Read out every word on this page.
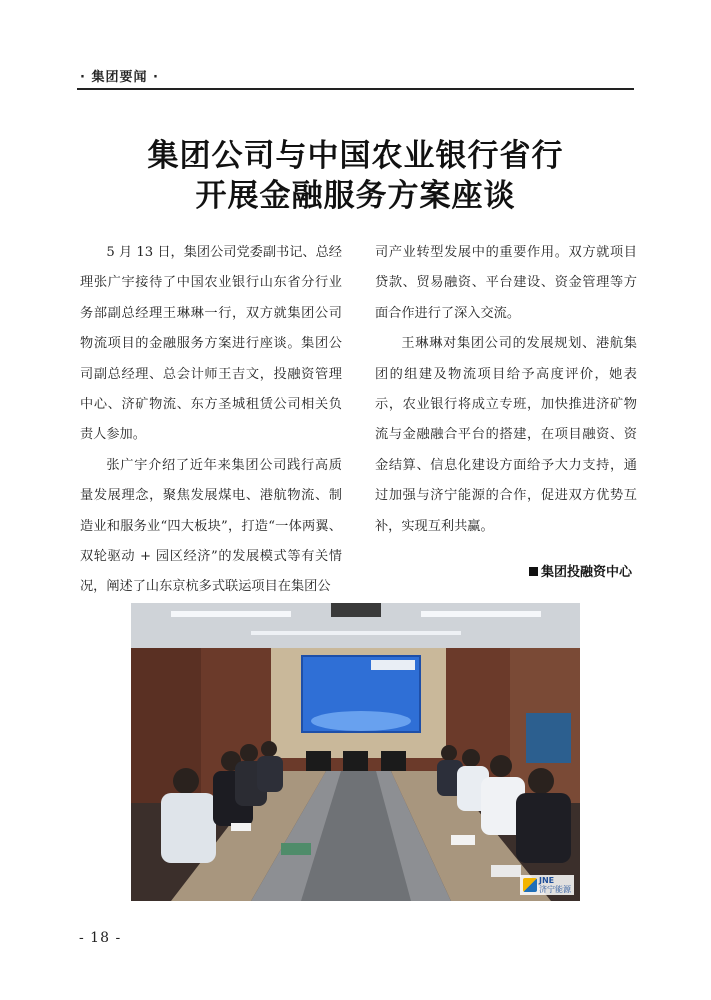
· 集团要闻 ·
集团公司与中国农业银行省行
开展金融服务方案座谈

5 月 13 日，集团公司党委副书记、总经理张广宇接待了中国农业银行山东省分行业务部副总经理王琳琳一行，双方就集团公司物流项目的金融服务方案进行座谈。集团公司副总经理、总会计师王吉文，投融资管理中心、济矿物流、东方圣城租赁公司相关负责人参加。

张广宇介绍了近年来集团公司践行高质量发展理念，聚焦发展煤电、港航物流、制造业和服务业“四大板块”，打造“一体两翼、双轮驱动 + 园区经济”的发展模式等有关情况，阐述了山东京杭多式联运项目在集团公

司产业转型发展中的重要作用。双方就项目贷款、贸易融资、平台建设、资金管理等方面合作进行了深入交流。

王琳琳对集团公司的发展规划、港航集团的组建及物流项目给予高度评价，她表示，农业银行将成立专班，加快推进济矿物流与金融融合平台的搭建，在项目融资、资金结算、信息化建设方面给予大力支持，通过加强与济宁能源的合作，促进双方优势互补，实现互利共赢。

集团投融资中心
JNE
济宁能源
- 18 -
